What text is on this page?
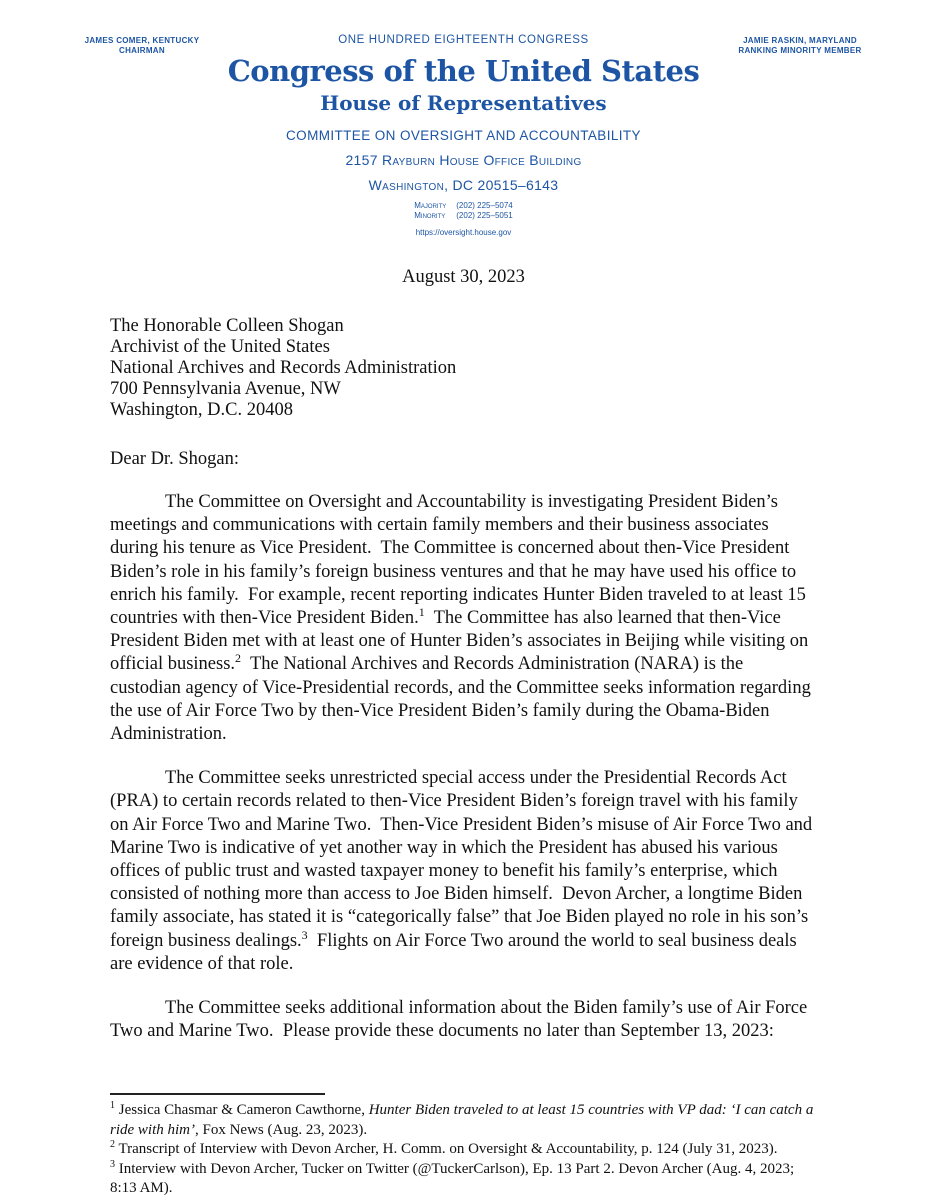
JAMES COMER, KENTUCKY
CHAIRMAN
JAMIE RASKIN, MARYLAND
RANKING MINORITY MEMBER
ONE HUNDRED EIGHTEENTH CONGRESS
Congress of the United States
House of Representatives
COMMITTEE ON OVERSIGHT AND ACCOUNTABILITY
2157 Rayburn House Office Building
Washington, DC 20515–6143
Majority (202) 225–5074
Minority (202) 225–5051
https://oversight.house.gov
August 30, 2023
The Honorable Colleen Shogan
Archivist of the United States
National Archives and Records Administration
700 Pennsylvania Avenue, NW
Washington, D.C. 20408
Dear Dr. Shogan:

The Committee on Oversight and Accountability is investigating President Biden’s meetings and communications with certain family members and their business associates during his tenure as Vice President.  The Committee is concerned about then-Vice President Biden’s role in his family’s foreign business ventures and that he may have used his office to enrich his family.  For example, recent reporting indicates Hunter Biden traveled to at least 15 countries with then-Vice President Biden.$^1$  The Committee has also learned that then-Vice President Biden met with at least one of Hunter Biden’s associates in Beijing while visiting on official business.$^2$  The National Archives and Records Administration (NARA) is the custodian agency of Vice-Presidential records, and the Committee seeks information regarding the use of Air Force Two by then-Vice President Biden’s family during the Obama-Biden Administration.

The Committee seeks unrestricted special access under the Presidential Records Act (PRA) to certain records related to then-Vice President Biden’s foreign travel with his family on Air Force Two and Marine Two.  Then-Vice President Biden’s misuse of Air Force Two and Marine Two is indicative of yet another way in which the President has abused his various offices of public trust and wasted taxpayer money to benefit his family’s enterprise, which consisted of nothing more than access to Joe Biden himself.  Devon Archer, a longtime Biden family associate, has stated it is “categorically false” that Joe Biden played no role in his son’s foreign business dealings.$^3$  Flights on Air Force Two around the world to seal business deals are evidence of that role.

The Committee seeks additional information about the Biden family’s use of Air Force Two and Marine Two.  Please provide these documents no later than September 13, 2023:

$^1$ Jessica Chasmar & Cameron Cawthorne, Hunter Biden traveled to at least 15 countries with VP dad: ‘I can catch a ride with him’, Fox News (Aug. 23, 2023).

$^2$ Transcript of Interview with Devon Archer, H. Comm. on Oversight & Accountability, p. 124 (July 31, 2023).

$^3$ Interview with Devon Archer, Tucker on Twitter (@TuckerCarlson), Ep. 13 Part 2. Devon Archer (Aug. 4, 2023; 8:13 AM).
